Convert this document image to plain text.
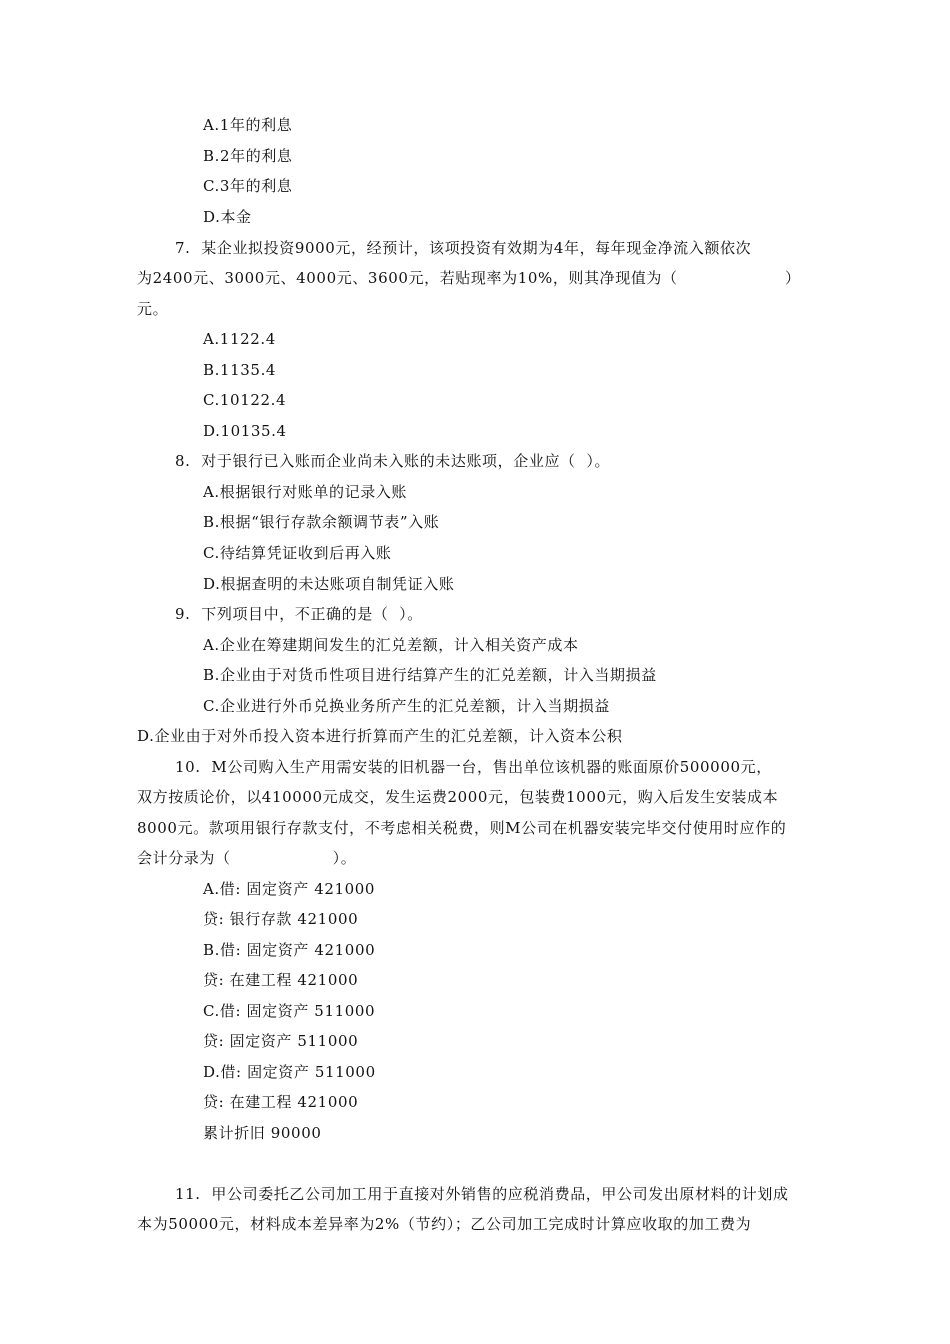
A.1年的利息
B.2年的利息
C.3年的利息
D.本金
7.  某企业拟投资9000元，经预计，该项投资有效期为4年，每年现金净流入额依次
为2400元、3000元、4000元、3600元，若贴现率为10%，则其净现值为（                    ）
元。
A.1122.4
B.1135.4
C.10122.4
D.10135.4
8.  对于银行已入账而企业尚未入账的未达账项，企业应（  ）。
A.根据银行对账单的记录入账
B.根据“银行存款余额调节表”入账
C.待结算凭证收到后再入账
D.根据查明的未达账项自制凭证入账
9.  下列项目中，不正确的是（  ）。
A.企业在筹建期间发生的汇兑差额，计入相关资产成本
B.企业由于对货币性项目进行结算产生的汇兑差额，计入当期损益
C.企业进行外币兑换业务所产生的汇兑差额，计入当期损益
D.企业由于对外币投入资本进行折算而产生的汇兑差额，计入资本公积
10.  M公司购入生产用需安装的旧机器一台，售出单位该机器的账面原价500000元，
双方按质论价，以410000元成交，发生运费2000元，包装费1000元，购入后发生安装成本
8000元。款项用银行存款支付，不考虑相关税费，则M公司在机器安装完毕交付使用时应作的
会计分录为（                   ）。
A.借: 固定资产 421000
贷: 银行存款 421000
B.借: 固定资产 421000
贷: 在建工程 421000
C.借: 固定资产 511000
贷: 固定资产 511000
D.借: 固定资产 511000
贷: 在建工程 421000
累计折旧 90000
11.  甲公司委托乙公司加工用于直接对外销售的应税消费品，甲公司发出原材料的计划成
本为50000元，材料成本差异率为2%（节约）；乙公司加工完成时计算应收取的加工费为
